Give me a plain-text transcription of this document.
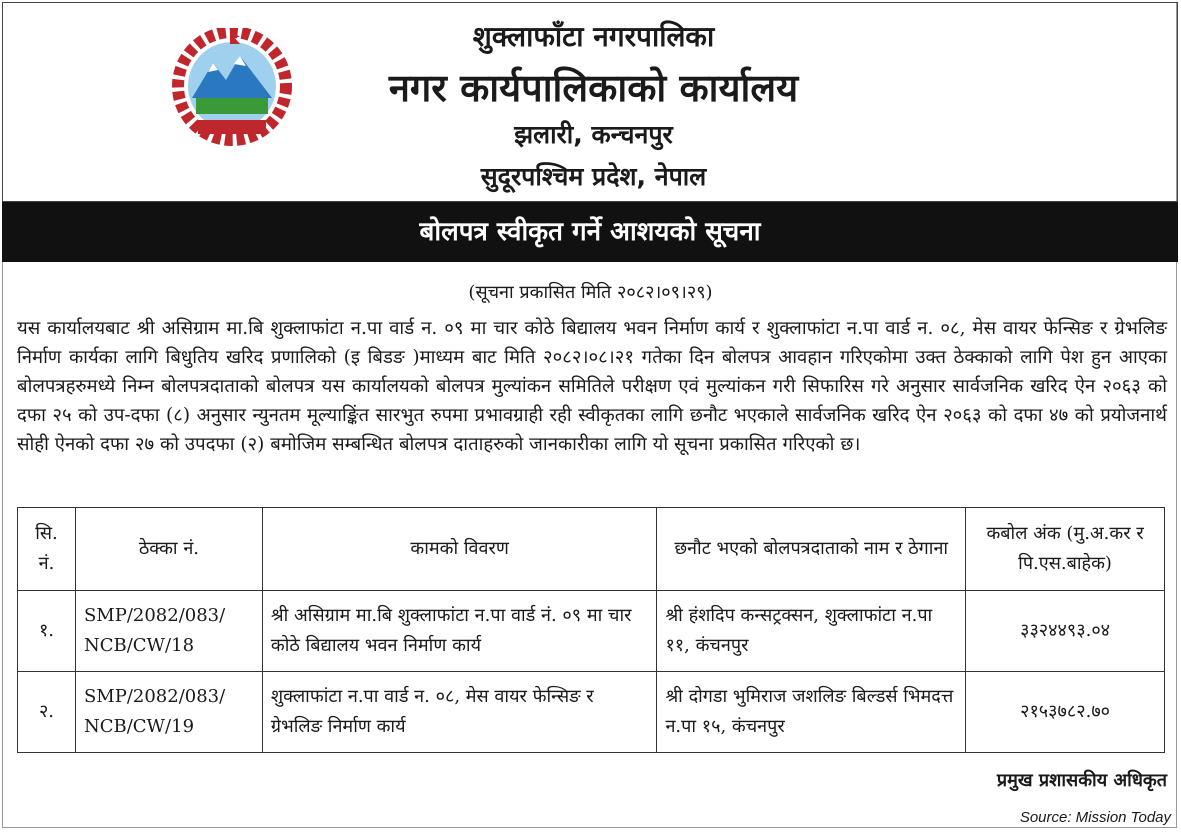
शुक्लाफाँटा नगरपालिका
नगर कार्यपालिकाको कार्यालय
झलारी, कन्चनपुर
सुदूरपश्चिम प्रदेश, नेपाल
बोलपत्र स्वीकृत गर्ने आशयको सूचना
(सूचना प्रकासित मिति २०८२।०९।२९)
यस कार्यालयबाट श्री असिग्राम मा.बि शुक्लाफांटा न.पा वार्ड न. ०९ मा चार कोठे बिद्यालय भवन निर्माण कार्य र शुक्लाफांटा न.पा वार्ड न. ०८, मेस वायर फेन्सिङ र ग्रेभलिङ निर्माण कार्यका लागि बिधुतिय खरिद प्रणालिको (इ बिडङ )माध्यम बाट मिति २०८२।०८।२१ गतेका दिन बोलपत्र आवहान गरिएकोमा उक्त ठेक्काको लागि पेश हुन आएका बोलपत्रहरुमध्ये निम्न बोलपत्रदाताको बोलपत्र यस कार्यालयको बोलपत्र मुल्यांकन समितिले परीक्षण एवं मुल्यांकन गरी सिफारिस गरे अनुसार सार्वजनिक खरिद ऐन २०६३ को दफा २५ को उप-दफा (८) अनुसार न्युनतम मूल्याङ्किंत सारभुत रुपमा प्रभावग्राही रही स्वीकृतका लागि छनौट भएकाले सार्वजनिक खरिद ऐन २०६३ को दफा ४७ को प्रयोजनार्थ सोही ऐनको दफा २७ को उपदफा (२) बमोजिम सम्बन्धित बोलपत्र दाताहरुको जानकारीका लागि यो सूचना प्रकासित गरिएको छ।
सि. नं.	ठेक्का नं.	कामको विवरण	छनौट भएको बोलपत्रदाताको नाम र ठेगाना	कबोल अंक (मु.अ.कर र पि.एस.बाहेक)
१.	SMP/2082/083/ NCB/CW/18	श्री असिग्राम मा.बि शुक्लाफांटा न.पा वार्ड नं. ०९ मा चार कोठे बिद्यालय भवन निर्माण कार्य	श्री हंशदिप कन्सट्रक्सन, शुक्लाफांटा न.पा ११, कंचनपुर	३३२४४९३.०४
२.	SMP/2082/083/ NCB/CW/19	शुक्लाफांटा न.पा वार्ड न. ०८, मेस वायर फेन्सिङ र ग्रेभलिङ निर्माण कार्य	श्री दोगडा भुमिराज जशलिङ बिल्डर्स भिमदत्त न.पा १५, कंचनपुर	२१५३७८२.७०
प्रमुख प्रशासकीय अधिकृत
Source: Mission Today
